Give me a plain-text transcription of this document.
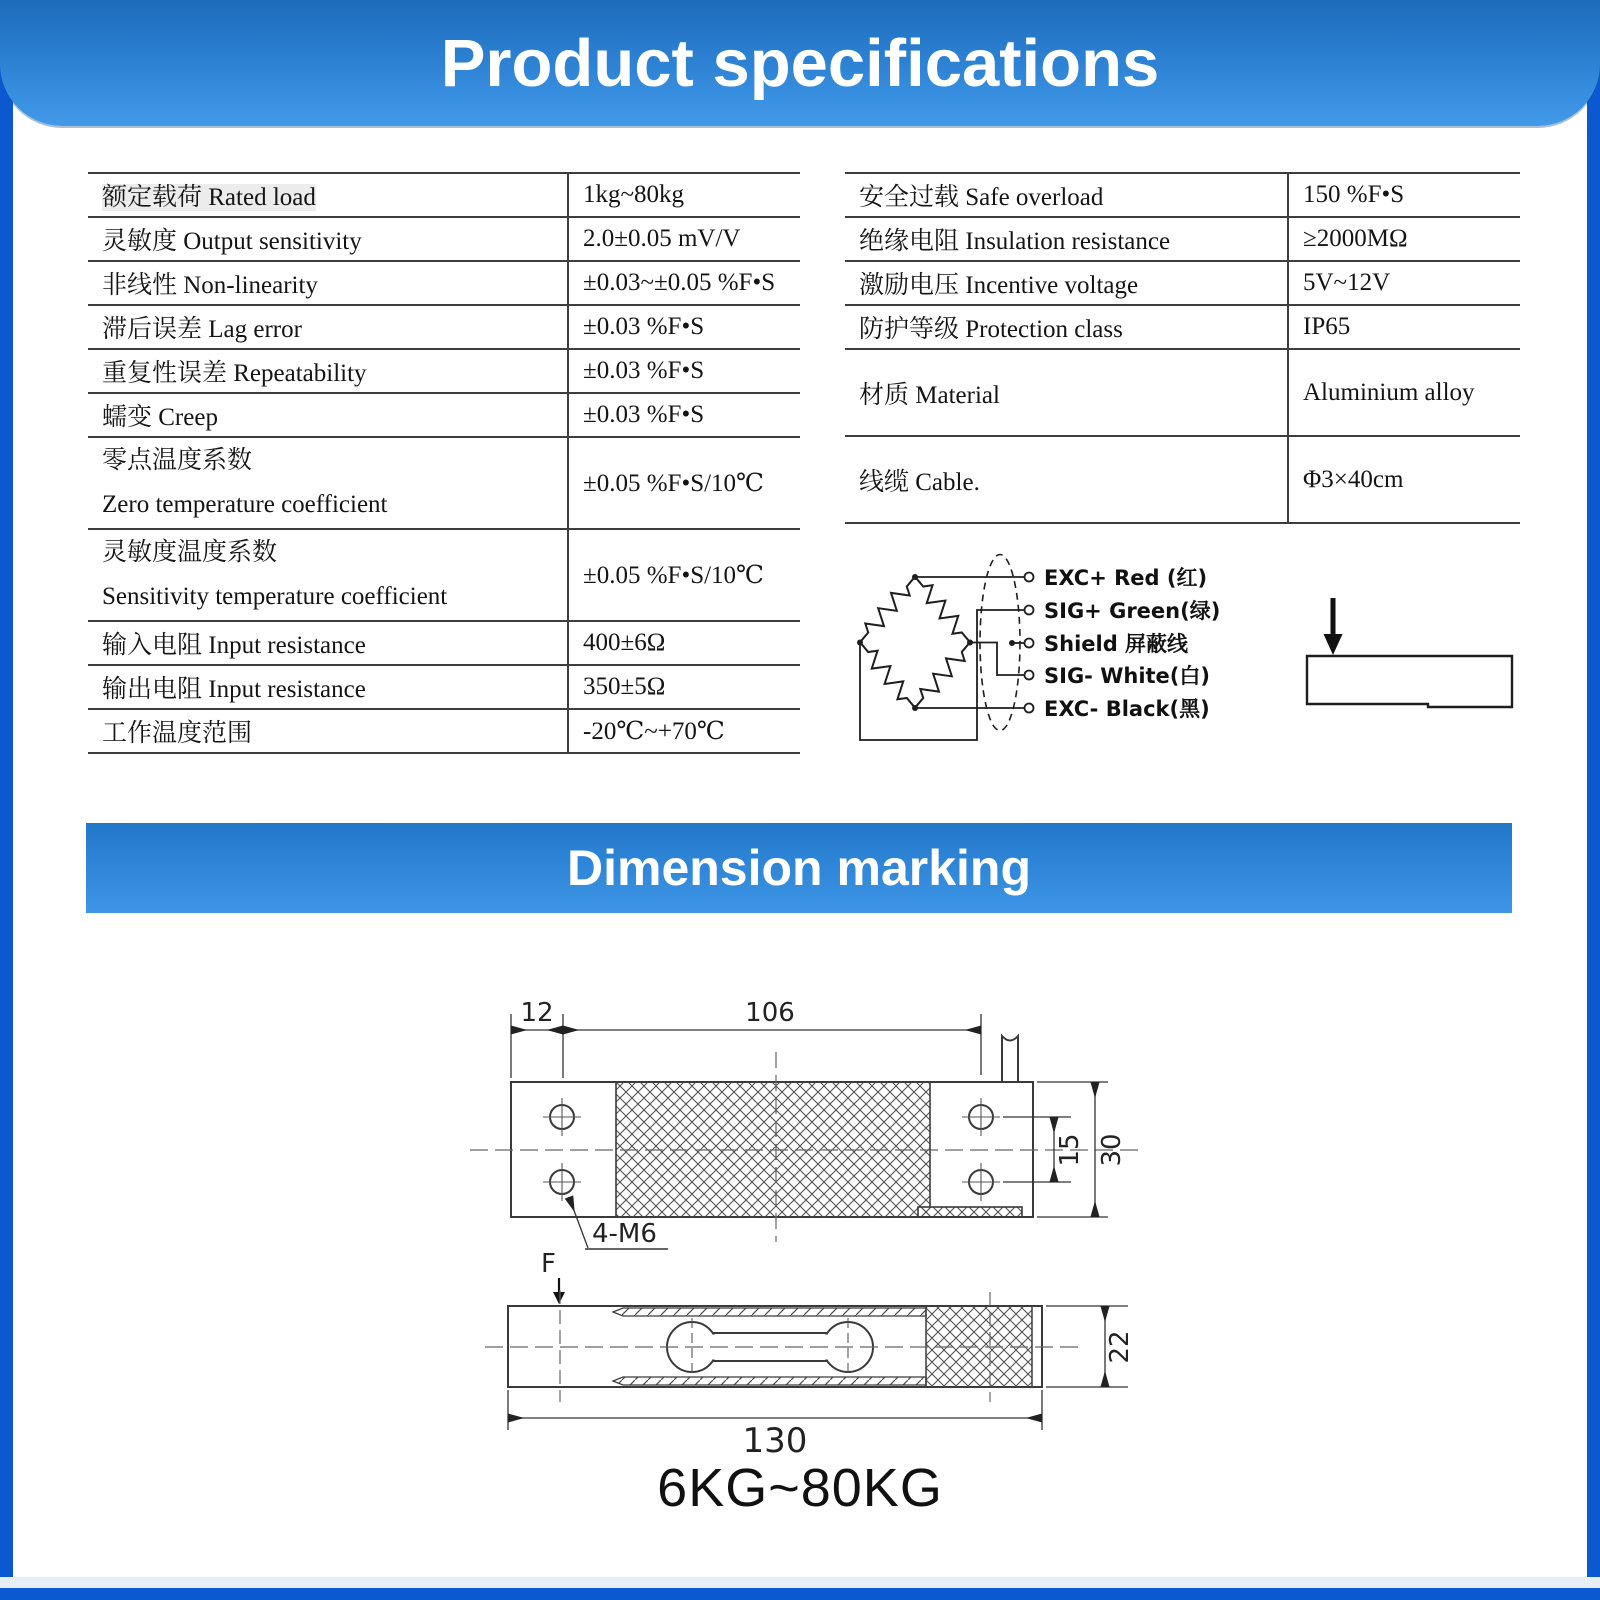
Product specifications
额定载荷 Rated load	1kg~80kg
灵敏度 Output sensitivity	2.0±0.05 mV/V
非线性 Non-linearity	±0.03~±0.05 %F•S
滞后误差 Lag error	±0.03 %F•S
重复性误差 Repeatability	±0.03 %F•S
蠕变 Creep	±0.03 %F•S

零点温度系数
Zero temperature coefficient	±0.05 %F•S/10℃

灵敏度温度系数
Sensitivity temperature coefficient	±0.05 %F•S/10℃
输入电阻 Input resistance	400±6Ω
输出电阻 Input resistance	350±5Ω
工作温度范围	-20℃~+70℃
安全过载 Safe overload	150 %F•S
绝缘电阻 Insulation resistance	≥2000MΩ
激励电压 Incentive voltage	5V~12V
防护等级 Protection class	IP65
材质 Material	Aluminium alloy
线缆 Cable.	Φ3×40cm
EXC+ Red (红)
SIG+ Green(绿)
Shield 屏蔽线
SIG- White(白)
EXC- Black(黑)
Dimension marking
12	106
15 30
4-M6
F
130
22
6KG~80KG
